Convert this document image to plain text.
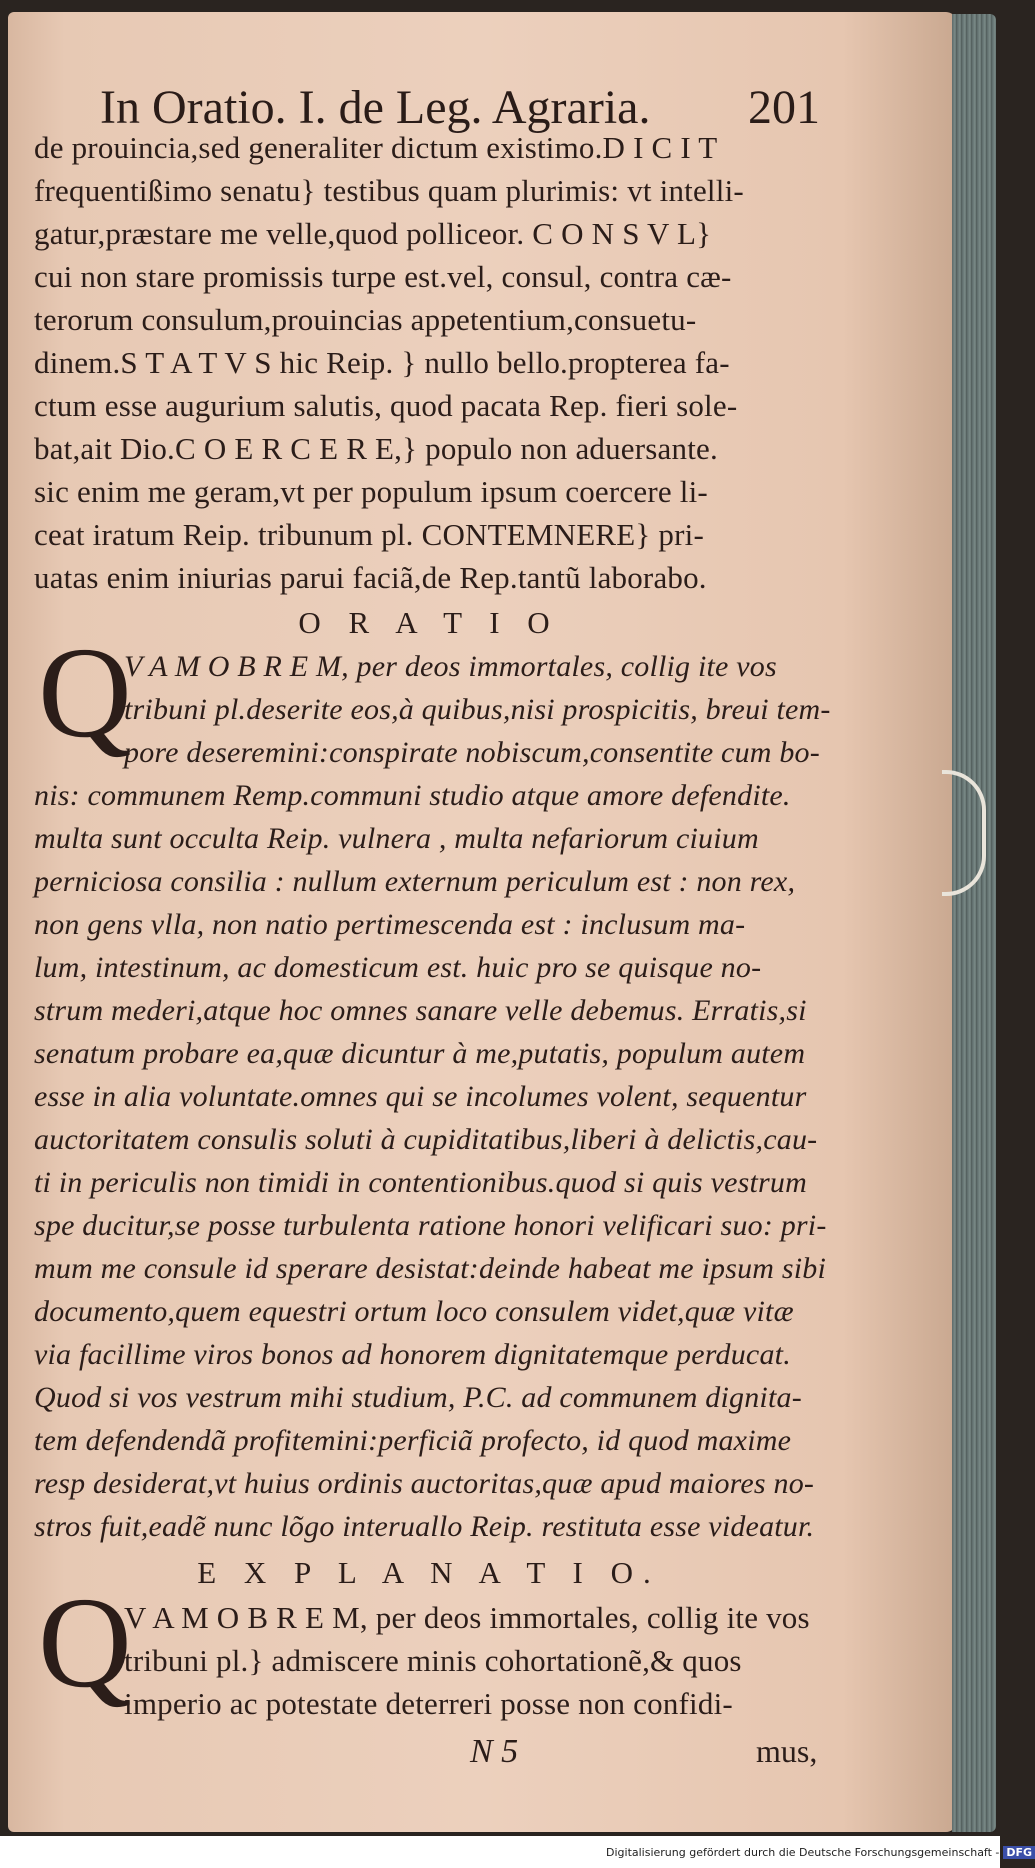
In Oratio. I. de Leg. Agraria. 201
Digitalisierung gefördert durch die Deutsche Forschungsgemeinschaft - DFG
de prouincia,sed generaliter dictum existimo.D I C I T
frequentißimo senatu} testibus quam plurimis: vt intelli-
gatur,præstare me velle,quod polliceor. C O N S V L}
cui non stare promissis turpe est.vel, consul, contra cæ-
terorum consulum,prouincias appetentium,consuetu-
dinem.S T A T V S hic Reip. } nullo bello.propterea fa-
ctum esse augurium salutis, quod pacata Rep. fieri sole-
bat,ait Dio.C O E R C E R E,} populo non aduersante.
sic enim me geram,vt per populum ipsum coercere li-
ceat iratum Reip. tribunum pl. CONTEMNERE} pri-
uatas enim iniurias parui faciã,de Rep.tantũ laborabo.
O R A T I O
Q
V A M O B R E M, per deos immortales, collig ite vos
tribuni pl.deserite eos,à quibus,nisi prospicitis, breui tem-
pore deseremini:conspirate nobiscum,consentite cum bo-
nis: communem Remp.communi studio atque amore defendite.
multa sunt occulta Reip. vulnera , multa nefariorum ciuium
perniciosa consilia : nullum externum periculum est : non rex,
non gens vlla, non natio pertimescenda est : inclusum ma-
lum, intestinum, ac domesticum est. huic pro se quisque no-
strum mederi,atque hoc omnes sanare velle debemus. Erratis,si
senatum probare ea,quæ dicuntur à me,putatis, populum autem
esse in alia voluntate.omnes qui se incolumes volent, sequentur
auctoritatem consulis soluti à cupiditatibus,liberi à delictis,cau-
ti in periculis non timidi in contentionibus.quod si quis vestrum
spe ducitur,se posse turbulenta ratione honori velificari suo: pri-
mum me consule id sperare desistat:deinde habeat me ipsum sibi
documento,quem equestri ortum loco consulem videt,quæ vitæ
via facillime viros bonos ad honorem dignitatemque perducat.
Quod si vos vestrum mihi studium, P.C. ad communem dignita-
tem defendendã profitemini:perficiã profecto, id quod maxime
resp desiderat,vt huius ordinis auctoritas,quæ apud maiores no-
stros fuit,eadẽ nunc lõgo interuallo Reip. restituta esse videatur.
E X P L A N A T I O.
Q
V A M O B R E M, per deos immortales, collig ite vos
tribuni pl.} admiscere minis cohortationẽ,& quos
imperio ac potestate deterreri posse non confidi-
N 5	mus,
